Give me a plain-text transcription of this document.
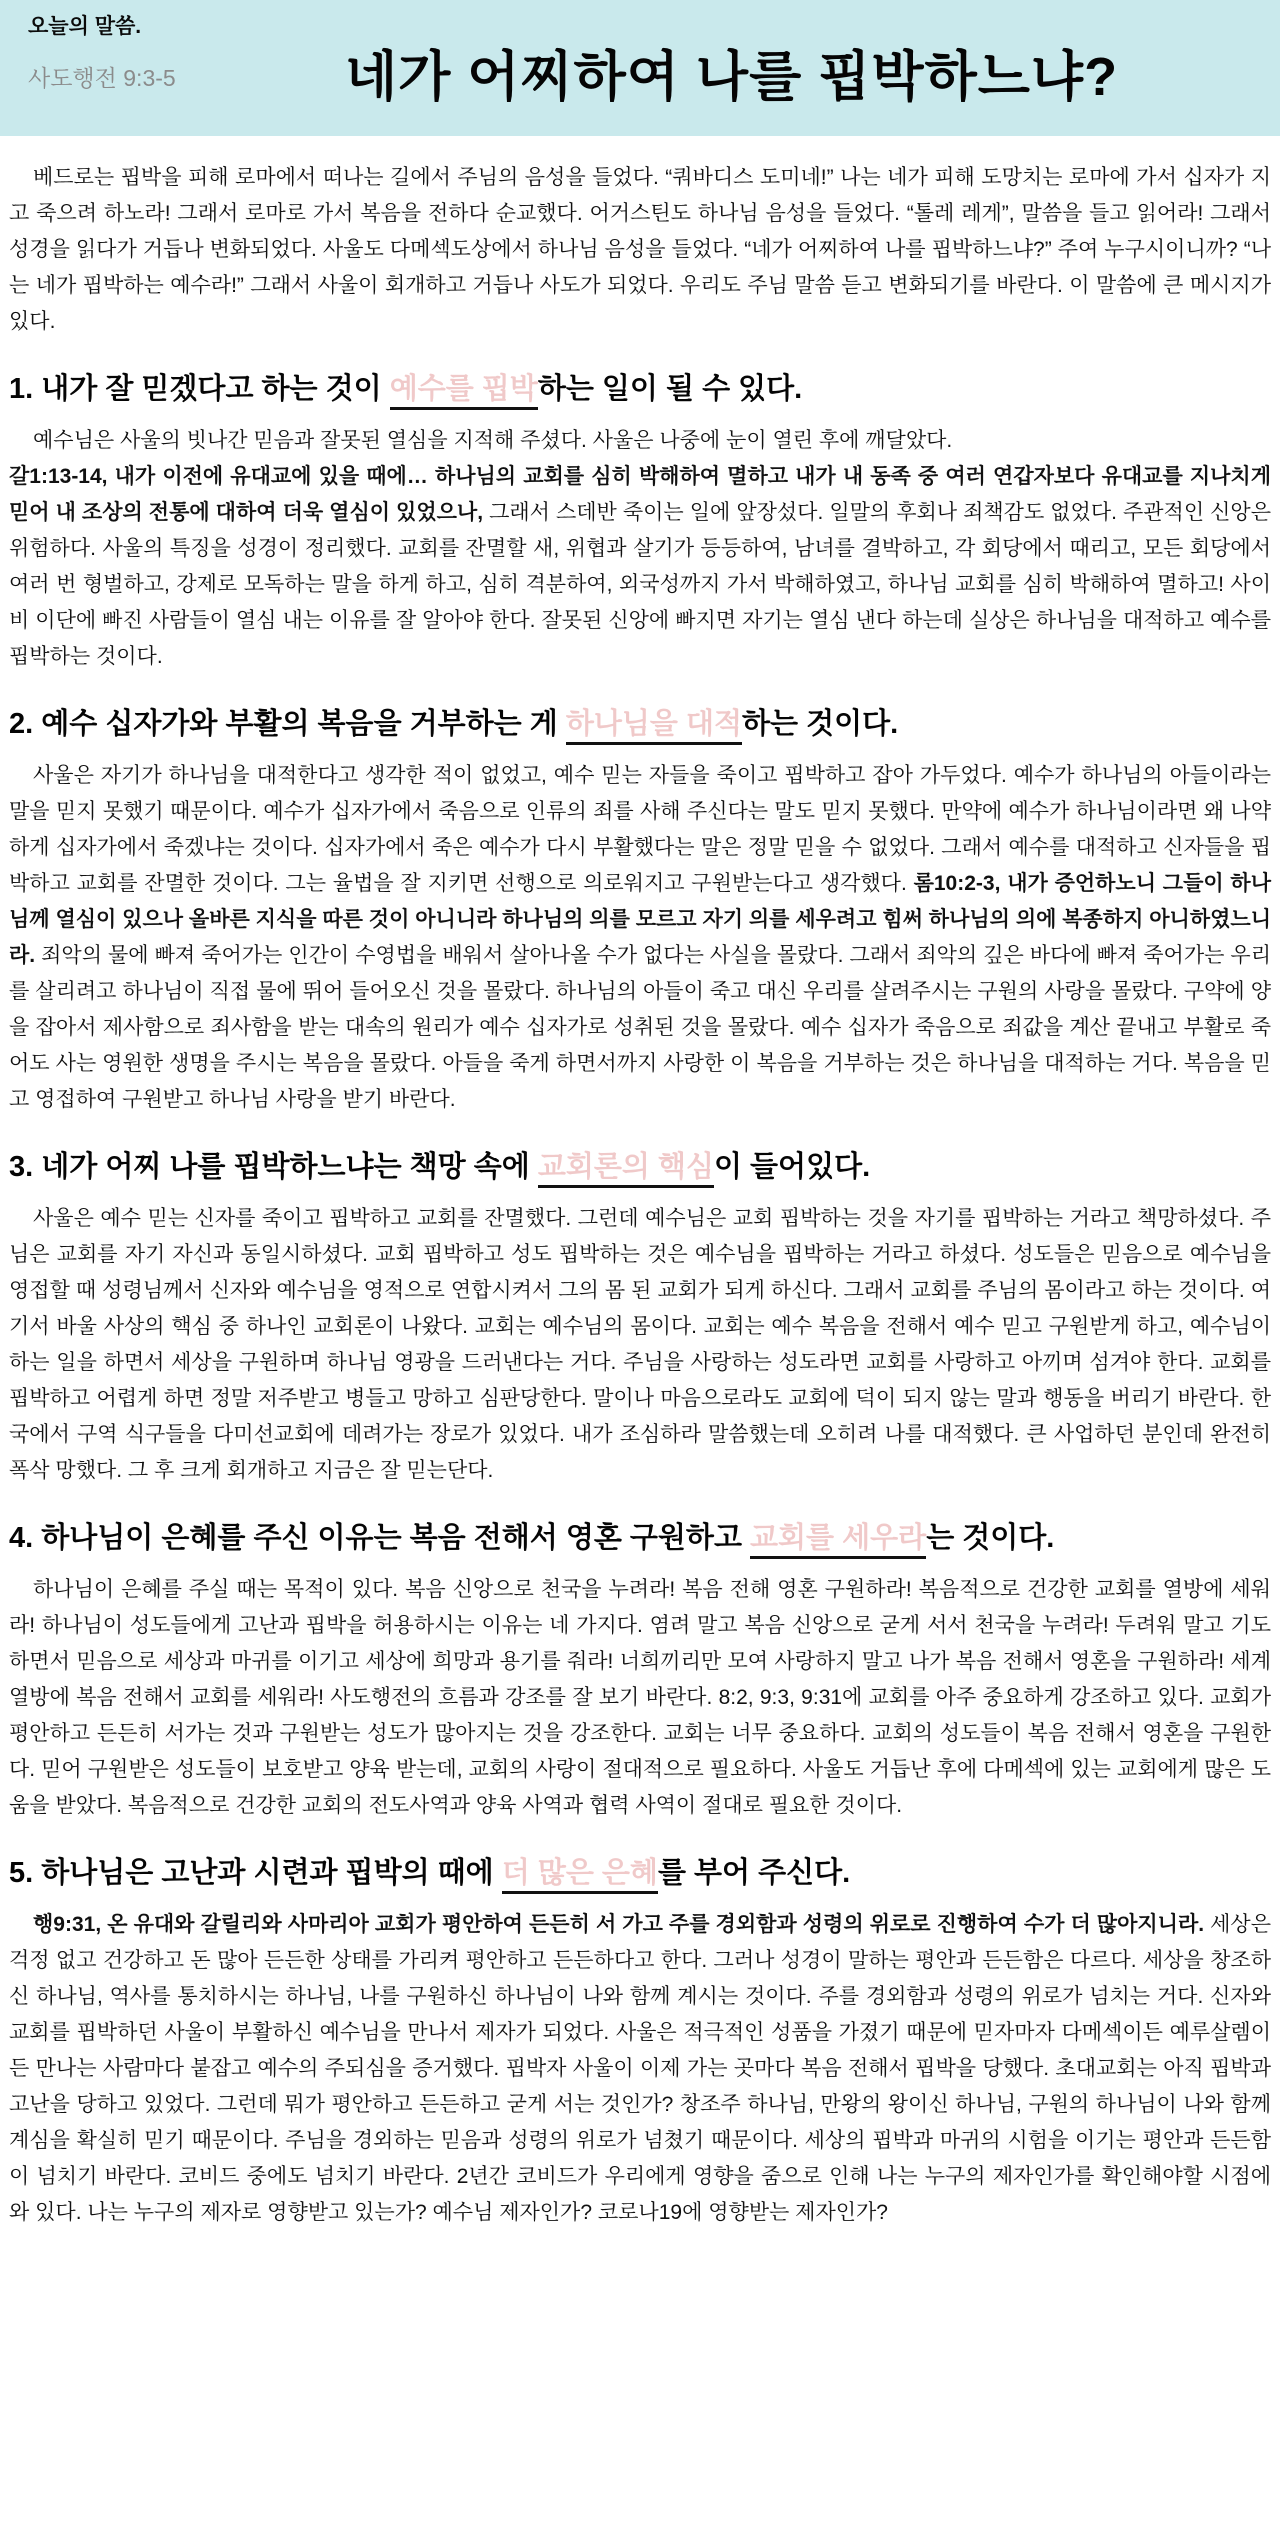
오늘의 말씀.
사도행전 9:3-5	네가 어찌하여 나를 핍박하느냐?

베드로는 핍박을 피해 로마에서 떠나는 길에서 주님의 음성을 들었다. “쿼바디스 도미네!” 나는 네가 피해 도망치는 로마에 가서 십자가 지고 죽으려 하노라! 그래서 로마로 가서 복음을 전하다 순교했다. 어거스틴도 하나님 음성을 들었다. “톨레 레게”, 말씀을 들고 읽어라! 그래서 성경을 읽다가 거듭나 변화되었다. 사울도 다메섹도상에서 하나님 음성을 들었다. “네가 어찌하여 나를 핍박하느냐?” 주여 누구시이니까? “나는 네가 핍박하는 예수라!” 그래서 사울이 회개하고 거듭나 사도가 되었다. 우리도 주님 말씀 듣고 변화되기를 바란다. 이 말씀에 큰 메시지가 있다.

1. 내가 잘 믿겠다고 하는 것이 예수를 핍박하는 일이 될 수 있다.

예수님은 사울의 빗나간 믿음과 잘못된 열심을 지적해 주셨다. 사울은 나중에 눈이 열린 후에 깨달았다.

갈1:13-14, 내가 이전에 유대교에 있을 때에… 하나님의 교회를 심히 박해하여 멸하고 내가 내 동족 중 여러 연갑자보다 유대교를 지나치게 믿어 내 조상의 전통에 대하여 더욱 열심이 있었으나, 그래서 스데반 죽이는 일에 앞장섰다. 일말의 후회나 죄책감도 없었다. 주관적인 신앙은 위험하다. 사울의 특징을 성경이 정리했다. 교회를 잔멸할 새, 위협과 살기가 등등하여, 남녀를 결박하고, 각 회당에서 때리고, 모든 회당에서 여러 번 형벌하고, 강제로 모독하는 말을 하게 하고, 심히 격분하여, 외국성까지 가서 박해하였고, 하나님 교회를 심히 박해하여 멸하고! 사이비 이단에 빠진 사람들이 열심 내는 이유를 잘 알아야 한다. 잘못된 신앙에 빠지면 자기는 열심 낸다 하는데 실상은 하나님을 대적하고 예수를 핍박하는 것이다.

2. 예수 십자가와 부활의 복음을 거부하는 게 하나님을 대적하는 것이다.

사울은 자기가 하나님을 대적한다고 생각한 적이 없었고, 예수 믿는 자들을 죽이고 핍박하고 잡아 가두었다. 예수가 하나님의 아들이라는 말을 믿지 못했기 때문이다. 예수가 십자가에서 죽음으로 인류의 죄를 사해 주신다는 말도 믿지 못했다. 만약에 예수가 하나님이라면 왜 나약하게 십자가에서 죽겠냐는 것이다. 십자가에서 죽은 예수가 다시 부활했다는 말은 정말 믿을 수 없었다. 그래서 예수를 대적하고 신자들을 핍박하고 교회를 잔멸한 것이다. 그는 율법을 잘 지키면 선행으로 의로워지고 구원받는다고 생각했다. 롬10:2-3, 내가 증언하노니 그들이 하나님께 열심이 있으나 올바른 지식을 따른 것이 아니니라 하나님의 의를 모르고 자기 의를 세우려고 힘써 하나님의 의에 복종하지 아니하였느니라. 죄악의 물에 빠져 죽어가는 인간이 수영법을 배워서 살아나올 수가 없다는 사실을 몰랐다. 그래서 죄악의 깊은 바다에 빠져 죽어가는 우리를 살리려고 하나님이 직접 물에 뛰어 들어오신 것을 몰랐다. 하나님의 아들이 죽고 대신 우리를 살려주시는 구원의 사랑을 몰랐다. 구약에 양을 잡아서 제사함으로 죄사함을 받는 대속의 원리가 예수 십자가로 성취된 것을 몰랐다. 예수 십자가 죽음으로 죄값을 계산 끝내고 부활로 죽어도 사는 영원한 생명을 주시는 복음을 몰랐다. 아들을 죽게 하면서까지 사랑한 이 복음을 거부하는 것은 하나님을 대적하는 거다. 복음을 믿고 영접하여 구원받고 하나님 사랑을 받기 바란다.

3. 네가 어찌 나를 핍박하느냐는 책망 속에 교회론의 핵심이 들어있다.

사울은 예수 믿는 신자를 죽이고 핍박하고 교회를 잔멸했다. 그런데 예수님은 교회 핍박하는 것을 자기를 핍박하는 거라고 책망하셨다. 주님은 교회를 자기 자신과 동일시하셨다. 교회 핍박하고 성도 핍박하는 것은 예수님을 핍박하는 거라고 하셨다. 성도들은 믿음으로 예수님을 영접할 때 성령님께서 신자와 예수님을 영적으로 연합시켜서 그의 몸 된 교회가 되게 하신다. 그래서 교회를 주님의 몸이라고 하는 것이다. 여기서 바울 사상의 핵심 중 하나인 교회론이 나왔다. 교회는 예수님의 몸이다. 교회는 예수 복음을 전해서 예수 믿고 구원받게 하고, 예수님이 하는 일을 하면서 세상을 구원하며 하나님 영광을 드러낸다는 거다. 주님을 사랑하는 성도라면 교회를 사랑하고 아끼며 섬겨야 한다. 교회를 핍박하고 어렵게 하면 정말 저주받고 병들고 망하고 심판당한다. 말이나 마음으로라도 교회에 덕이 되지 않는 말과 행동을 버리기 바란다. 한국에서 구역 식구들을 다미선교회에 데려가는 장로가 있었다. 내가 조심하라 말씀했는데 오히려 나를 대적했다. 큰 사업하던 분인데 완전히 폭삭 망했다. 그 후 크게 회개하고 지금은 잘 믿는단다.

4. 하나님이 은혜를 주신 이유는 복음 전해서 영혼 구원하고 교회를 세우라는 것이다.

하나님이 은혜를 주실 때는 목적이 있다. 복음 신앙으로 천국을 누려라! 복음 전해 영혼 구원하라! 복음적으로 건강한 교회를 열방에 세워라! 하나님이 성도들에게 고난과 핍박을 허용하시는 이유는 네 가지다. 염려 말고 복음 신앙으로 굳게 서서 천국을 누려라! 두려워 말고 기도하면서 믿음으로 세상과 마귀를 이기고 세상에 희망과 용기를 줘라! 너희끼리만 모여 사랑하지 말고 나가 복음 전해서 영혼을 구원하라! 세계 열방에 복음 전해서 교회를 세워라! 사도행전의 흐름과 강조를 잘 보기 바란다. 8:2, 9:3, 9:31에 교회를 아주 중요하게 강조하고 있다. 교회가 평안하고 든든히 서가는 것과 구원받는 성도가 많아지는 것을 강조한다. 교회는 너무 중요하다. 교회의 성도들이 복음 전해서 영혼을 구원한다. 믿어 구원받은 성도들이 보호받고 양육 받는데, 교회의 사랑이 절대적으로 필요하다. 사울도 거듭난 후에 다메섹에 있는 교회에게 많은 도움을 받았다. 복음적으로 건강한 교회의 전도사역과 양육 사역과 협력 사역이 절대로 필요한 것이다.

5. 하나님은 고난과 시련과 핍박의 때에 더 많은 은혜를 부어 주신다.

행9:31, 온 유대와 갈릴리와 사마리아 교회가 평안하여 든든히 서 가고 주를 경외함과 성령의 위로로 진행하여 수가 더 많아지니라. 세상은 걱정 없고 건강하고 돈 많아 든든한 상태를 가리켜 평안하고 든든하다고 한다. 그러나 성경이 말하는 평안과 든든함은 다르다. 세상을 창조하신 하나님, 역사를 통치하시는 하나님, 나를 구원하신 하나님이 나와 함께 계시는 것이다. 주를 경외함과 성령의 위로가 넘치는 거다. 신자와 교회를 핍박하던 사울이 부활하신 예수님을 만나서 제자가 되었다. 사울은 적극적인 성품을 가졌기 때문에 믿자마자 다메섹이든 예루살렘이든 만나는 사람마다 붙잡고 예수의 주되심을 증거했다. 핍박자 사울이 이제 가는 곳마다 복음 전해서 핍박을 당했다. 초대교회는 아직 핍박과 고난을 당하고 있었다. 그런데 뭐가 평안하고 든든하고 굳게 서는 것인가? 창조주 하나님, 만왕의 왕이신 하나님, 구원의 하나님이 나와 함께 계심을 확실히 믿기 때문이다. 주님을 경외하는 믿음과 성령의 위로가 넘쳤기 때문이다. 세상의 핍박과 마귀의 시험을 이기는 평안과 든든함이 넘치기 바란다. 코비드 중에도 넘치기 바란다. 2년간 코비드가 우리에게 영향을 줌으로 인해 나는 누구의 제자인가를 확인해야할 시점에 와 있다. 나는 누구의 제자로 영향받고 있는가? 예수님 제자인가? 코로나19에 영향받는 제자인가?
